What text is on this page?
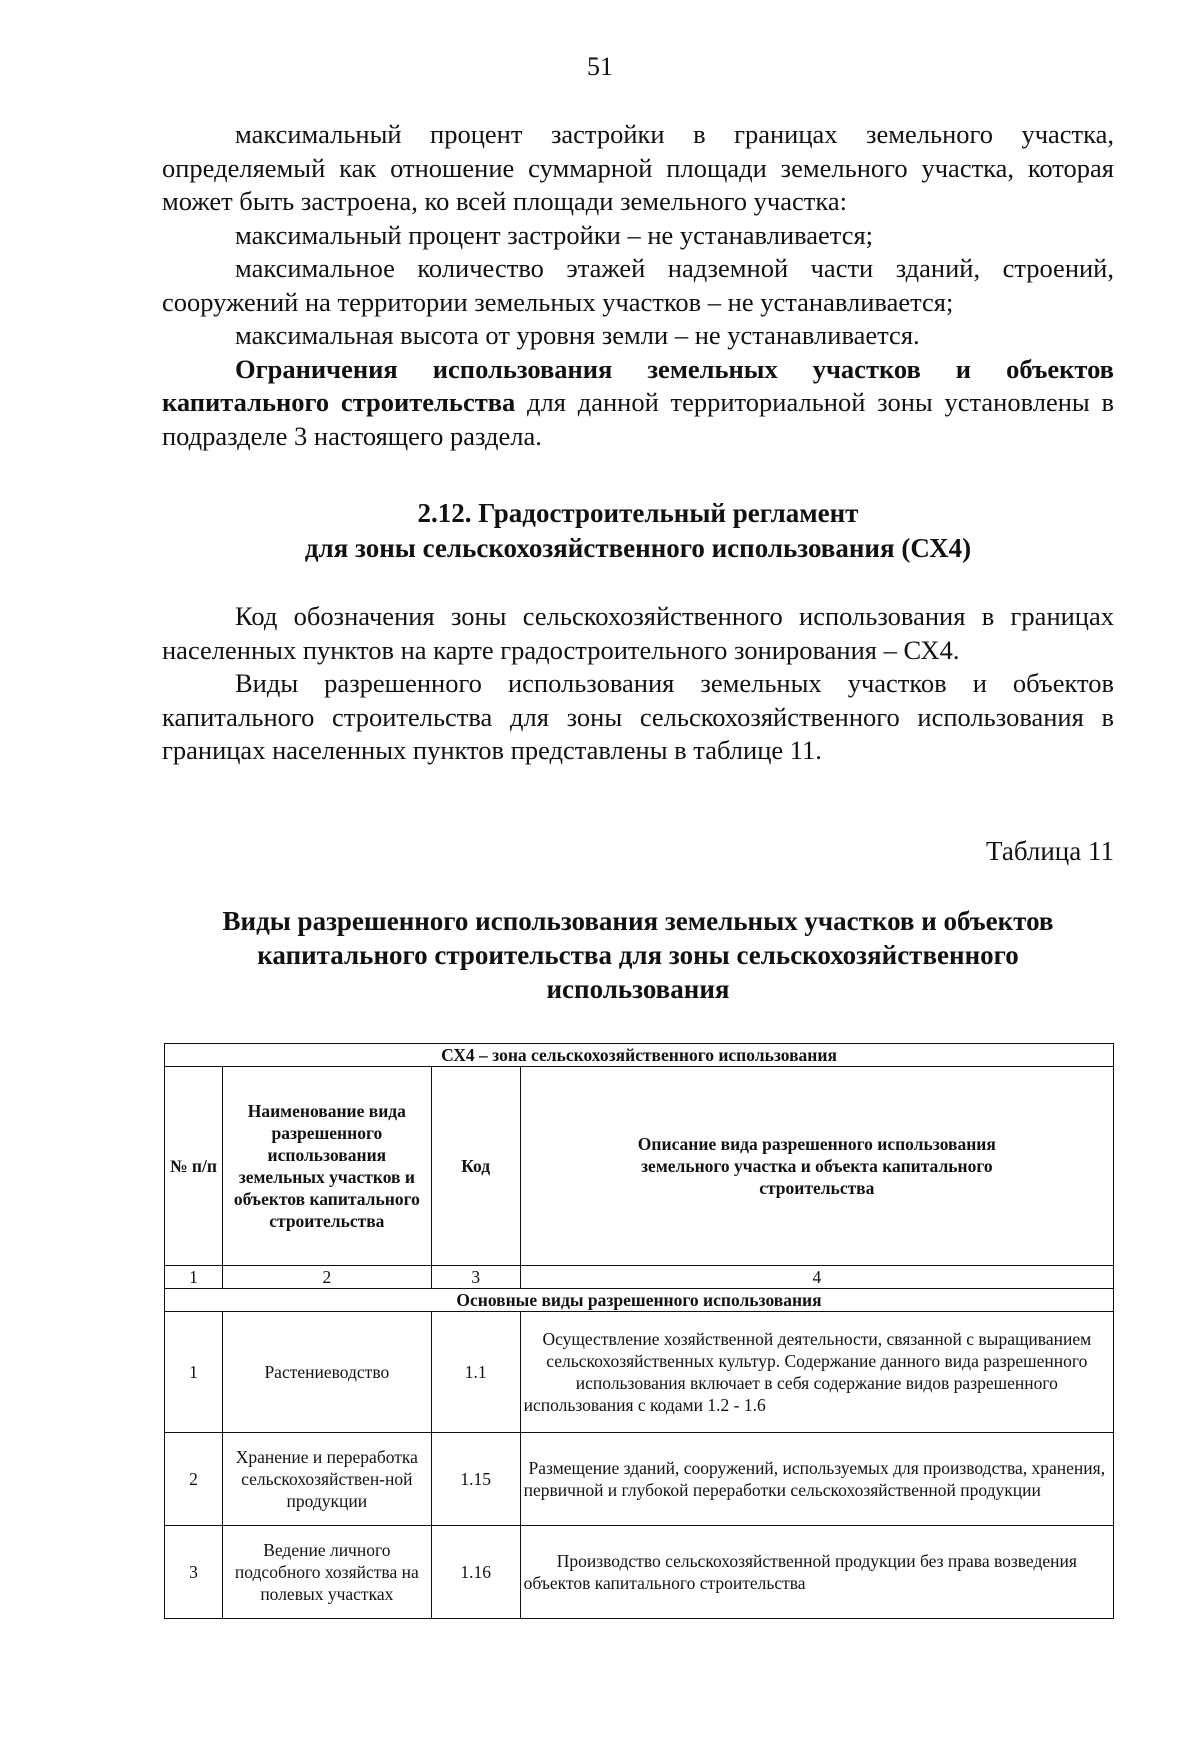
51

максимальный процент застройки в границах земельного участка, определяемый как отношение суммарной площади земельного участка, которая может быть застроена, ко всей площади земельного участка:

максимальный процент застройки – не устанавливается;

максимальное количество этажей надземной части зданий, строений, сооружений на территории земельных участков – не устанавливается;

максимальная высота от уровня земли – не устанавливается.

Ограничения использования земельных участков и объектов капитального строительства для данной территориальной зоны установлены в подразделе 3 настоящего раздела.

2.12. Градостроительный регламент
для зоны сельскохозяйственного использования (СХ4)

Код обозначения зоны сельскохозяйственного использования в границах населенных пунктов на карте градостроительного зонирования – СХ4.

Виды разрешенного использования земельных участков и объектов капитального строительства для зоны сельскохозяйственного использования в границах населенных пунктов представлены в таблице 11.

Таблица 11
Виды разрешенного использования земельных участков и объектов
капитального строительства для зоны сельскохозяйственного
использования
СХ4 – зона сельскохозяйственного использования			
№ п/п	Наименование вида разрешенного использования земельных участков и объектов капитального строительства	Код	Описание вида разрешенного использования земельного участка и объекта капитального строительства
1	2	3	4
Основные виды разрешенного использования			
1	Растениеводство	1.1	Осуществление хозяйственной деятельности, связанной с выращиванием сельскохозяйственных культур. Содержание данного вида разрешенного использования включает в себя содержание видов разрешенного использования с кодами 1.2 - 1.6
2	Хранение и переработка сельскохозяйствен-ной продукции	1.15	Размещение зданий, сооружений, используемых для производства, хранения, первичной и глубокой переработки сельскохозяйственной продукции
3	Ведение личного подсобного хозяйства на полевых участках	1.16	Производство сельскохозяйственной продукции без права возведения объектов капитального строительства
